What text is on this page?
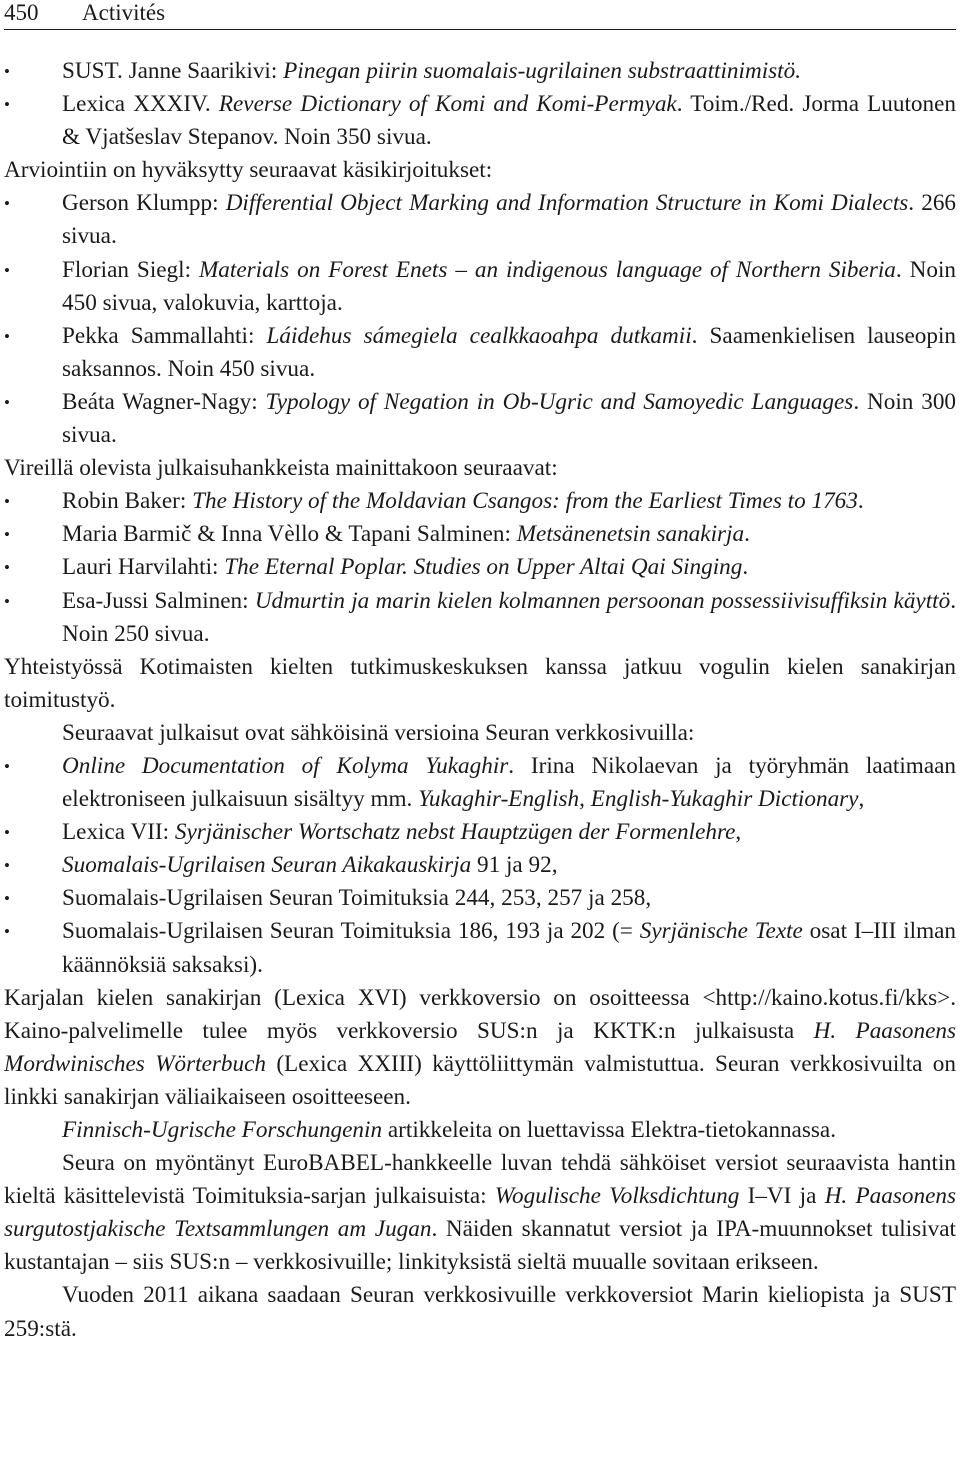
450 Activités

• SUST. Janne Saarikivi: Pinegan piirin suomalais-ugrilainen substraattinimistö.

• Lexica XXXIV. Reverse Dictionary of Komi and Komi-Permyak. Toim./Red. Jorma Luutonen & Vjatšeslav Stepanov. Noin 350 sivua.

Arviointiin on hyväksytty seuraavat käsikirjoitukset:

• Gerson Klumpp: Differential Object Marking and Information Structure in Komi Dialects. 266 sivua.

• Florian Siegl: Materials on Forest Enets – an indigenous language of Northern Siberia. Noin 450 sivua, valokuvia, karttoja.

• Pekka Sammallahti: Láidehus sámegiela cealkkaoahpa dutkamii. Saamenkielisen lauseopin saksannos. Noin 450 sivua.

• Beáta Wagner-Nagy: Typology of Negation in Ob-Ugric and Samoyedic Languages. Noin 300 sivua.

Vireillä olevista julkaisuhankkeista mainittakoon seuraavat:

• Robin Baker: The History of the Moldavian Csangos: from the Earliest Times to 1763.

• Maria Barmič & Inna Vèllo & Tapani Salminen: Metsänenetsin sanakirja.

• Lauri Harvilahti: The Eternal Poplar. Studies on Upper Altai Qai Singing.

• Esa-Jussi Salminen: Udmurtin ja marin kielen kolmannen persoonan possessiivisuffiksin käyttö. Noin 250 sivua.

Yhteistyössä Kotimaisten kielten tutkimuskeskuksen kanssa jatkuu vogulin kielen sanakirjan toimitustyö.

Seuraavat julkaisut ovat sähköisinä versioina Seuran verkkosivuilla:

• Online Documentation of Kolyma Yukaghir. Irina Nikolaevan ja työryhmän laatimaan elektroniseen julkaisuun sisältyy mm. Yukaghir-English, English-Yukaghir Dictionary,

• Lexica VII: Syrjänischer Wortschatz nebst Hauptzügen der Formenlehre,

• Suomalais-Ugrilaisen Seuran Aikakauskirja 91 ja 92,

• Suomalais-Ugrilaisen Seuran Toimituksia 244, 253, 257 ja 258,

• Suomalais-Ugrilaisen Seuran Toimituksia 186, 193 ja 202 (= Syrjänische Texte osat I–III ilman käännöksiä saksaksi).

Karjalan kielen sanakirjan (Lexica XVI) verkkoversio on osoitteessa <http://kaino.kotus.fi/kks>. Kaino-palvelimelle tulee myös verkkoversio SUS:n ja KKTK:n julkaisusta H. Paasonens Mordwinisches Wörterbuch (Lexica XXIII) käyttöliittymän valmistuttua. Seuran verkkosivuilta on linkki sanakirjan väliaikaiseen osoitteeseen.

Finnisch-Ugrische Forschungenin artikkeleita on luettavissa Elektra-tietokannassa.

Seura on myöntänyt EuroBABEL-hankkeelle luvan tehdä sähköiset versiot seuraavista hantin kieltä käsittelevistä Toimituksia-sarjan julkaisuista: Wogulische Volksdichtung I–VI ja H. Paasonens surgutostjakische Textsammlungen am Jugan. Näiden skannatut versiot ja IPA-muunnokset tulisivat kustantajan – siis SUS:n – verkkosivuille; linkityksistä sieltä muualle sovitaan erikseen.

Vuoden 2011 aikana saadaan Seuran verkkosivuille verkkoversiot Marin kieliopista ja SUST 259:stä.
